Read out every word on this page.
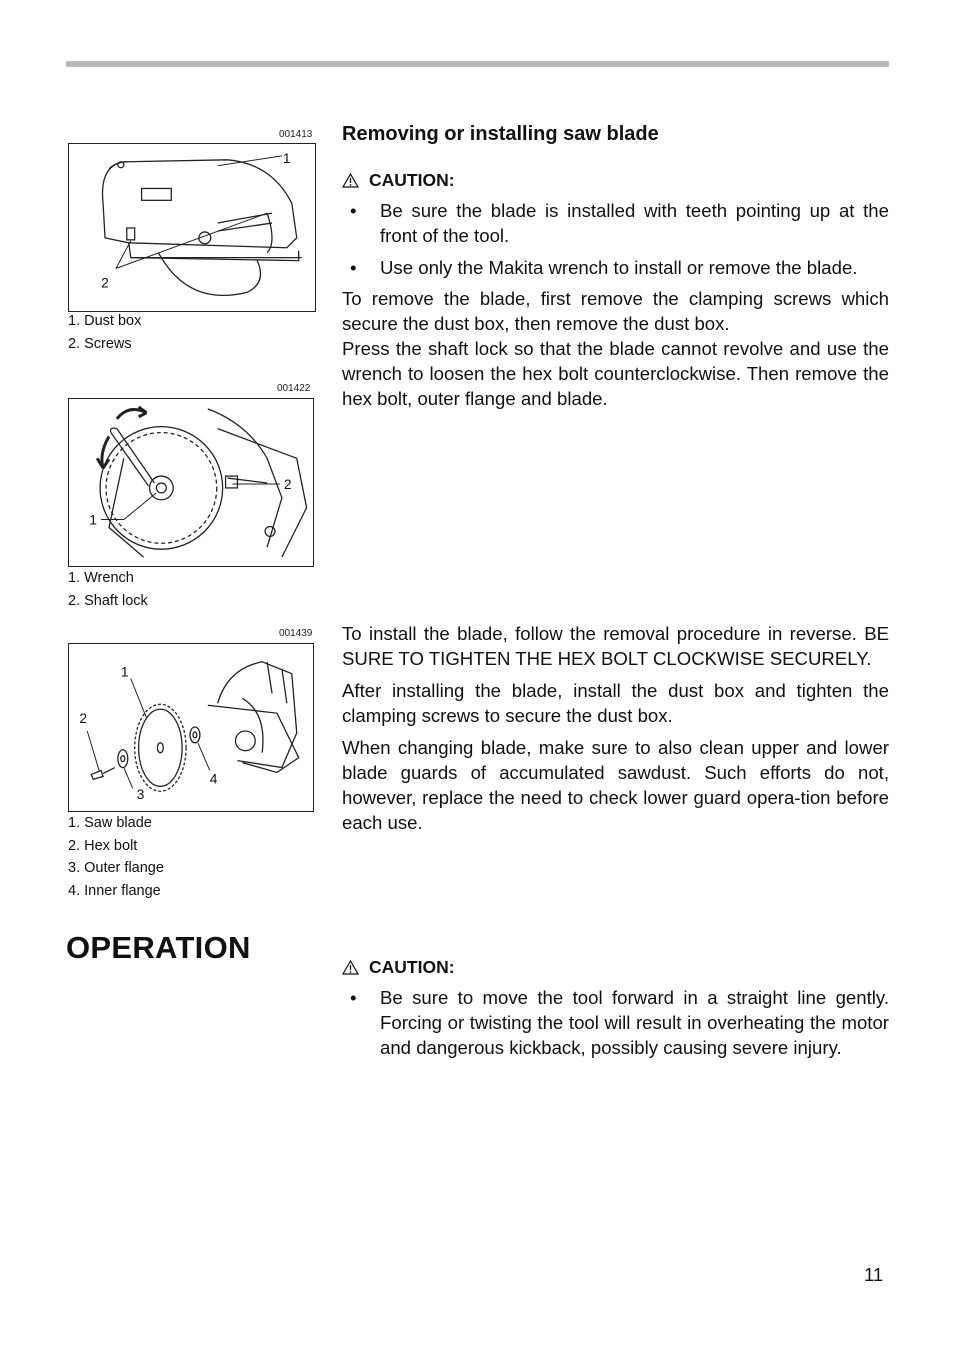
001413
1
2
1. Dust box
2. Screws
001422
1
2
1. Wrench
2. Shaft lock
001439
1
2
3
4
1. Saw blade
2. Hex bolt
3. Outer flange
4. Inner flange
Removing or installing saw blade
CAUTION:
• Be sure the blade is installed with teeth pointing up at the front of the tool.
• Use only the Makita wrench to install or remove the blade.

To remove the blade, first remove the clamping screws which secure the dust box, then remove the dust box.

Press the shaft lock so that the blade cannot revolve and use the wrench to loosen the hex bolt counterclockwise. Then remove the hex bolt, outer flange and blade.

To install the blade, follow the removal procedure in reverse. BE SURE TO TIGHTEN THE HEX BOLT CLOCKWISE SECURELY.

After installing the blade, install the dust box and tighten the clamping screws to secure the dust box.

When changing blade, make sure to also clean upper and lower blade guards of accumulated sawdust. Such efforts do not, however, replace the need to check lower guard opera-tion before each use.

OPERATION
CAUTION:
• Be sure to move the tool forward in a straight line gently. Forcing or twisting the tool will result in overheating the motor and dangerous kickback, possibly causing severe injury.
11
